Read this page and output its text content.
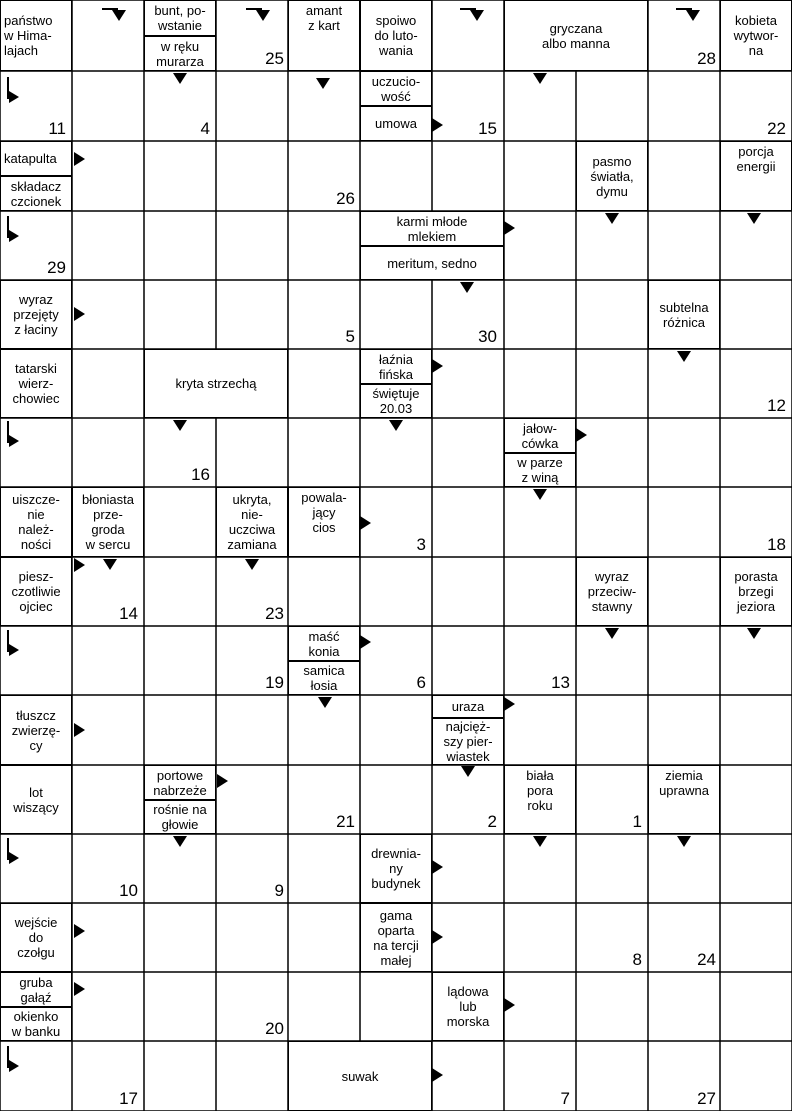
państwo
w Hima-
lajach
bunt, po-
wstanie
w ręku
murarza
amant
z kart	spoiwo
do luto-
wania
gryczana
albo manna
kobieta
wytwor-
na
uczucio-
wość
umowa
katapulta
składacz
czcionek
pasmo
światła,
dymu
porcja
energii
karmi młode
mlekiem
meritum, sedno
wyraz
przejęty
z łaciny
subtelna
różnica
tatarski
wierz-
chowiec
kryta strzechą
łaźnia
fińska
świętuje
20.03
jałow-
cówka
w parze
z winą
uiszcze-
nie
należ-
ności
błoniasta
prze-
groda
w sercu
ukryta,
nie-
uczciwa
zamiana
powala-
jący
cios
piesz-
czotliwie
ojciec
wyraz
przeciw-
stawny
porasta
brzegi
jeziora
maść
konia
samica
łosia
tłuszcz
zwierzę-
cy
uraza
najcięż-
szy pier-
wiastek
lot
wiszący
portowe
nabrzeże
rośnie na
głowie
biała
pora
roku
ziemia
uprawna
drewnia-
ny
budynek
wejście
do
czołgu
gama
oparta
na tercji
małej
gruba
gałąź
okienko
w banku
lądowa
lub
morska
suwak
25	28
11	4	15	22
26
29
5	30
12
16
3	18
14	23
19	6	13
2	1
21
10	9
8	24
20
17	7	27
